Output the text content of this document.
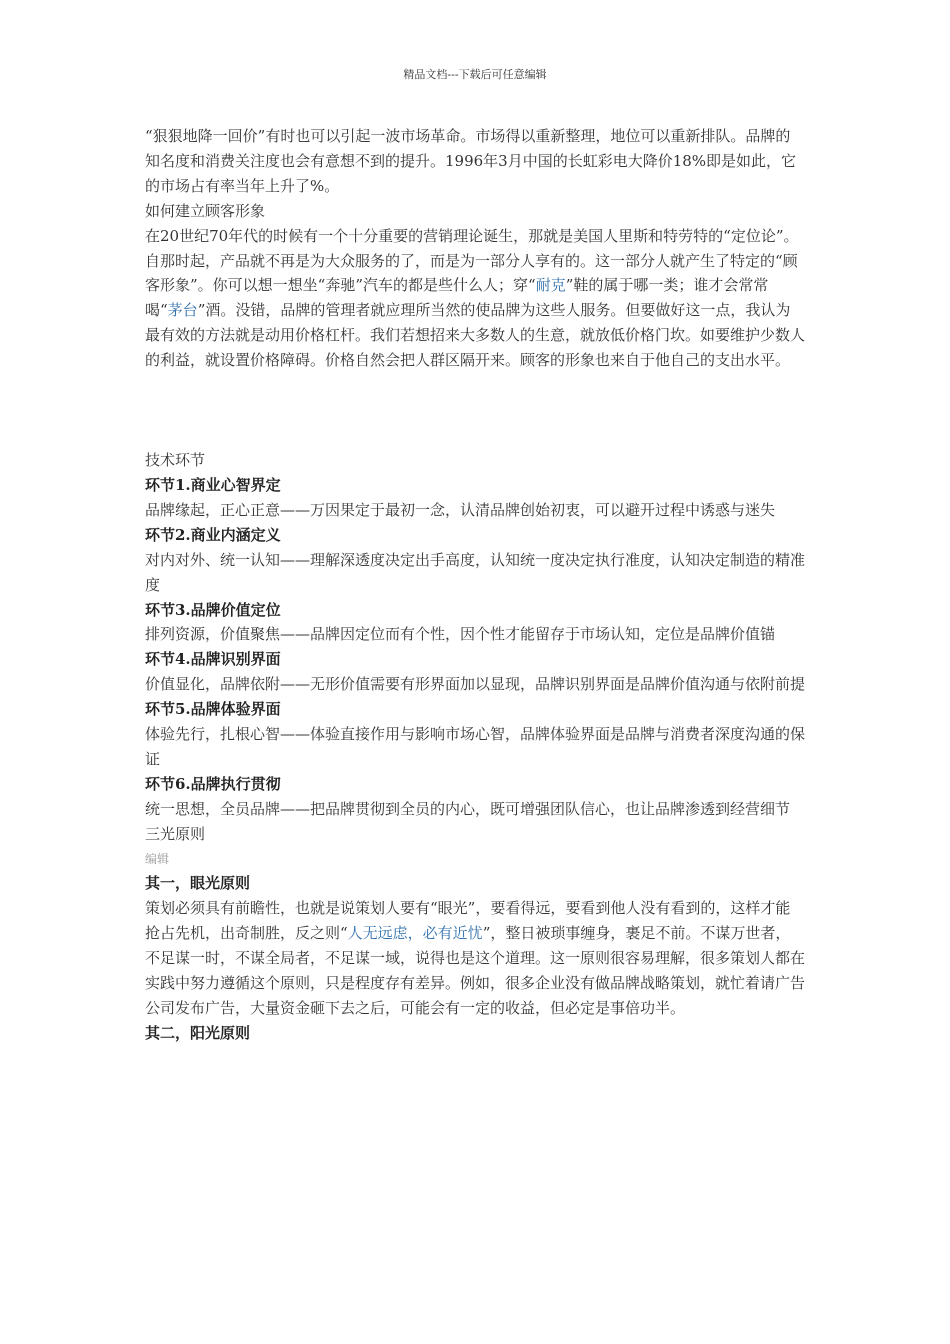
精品文档---下载后可任意编辑

“狠狠地降一回价”有时也可以引起一波市场革命。市场得以重新整理，地位可以重新排队。品牌的知名度和消费关注度也会有意想不到的提升。1996年3月中国的长虹彩电大降价18%即是如此，它的市场占有率当年上升了%。

如何建立顾客形象

在20世纪70年代的时候有一个十分重要的营销理论诞生，那就是美国人里斯和特劳特的“定位论”。自那时起，产品就不再是为大众服务的了，而是为一部分人享有的。这一部分人就产生了特定的“顾客形象”。你可以想一想坐“奔驰”汽车的都是些什么人；穿“耐克”鞋的属于哪一类；谁才会常常喝“茅台”酒。没错，品牌的管理者就应理所当然的使品牌为这些人服务。但要做好这一点，我认为最有效的方法就是动用价格杠杆。我们若想招来大多数人的生意，就放低价格门坎。如要维护少数人的利益，就设置价格障碍。价格自然会把人群区隔开来。顾客的形象也来自于他自己的支出水平。

技术环节

环节1.商业心智界定

品牌缘起，正心正意——万因果定于最初一念，认清品牌创始初衷，可以避开过程中诱惑与迷失

环节2.商业内涵定义

对内对外、统一认知——理解深透度决定出手高度，认知统一度决定执行准度，认知决定制造的精准度

环节3.品牌价值定位

排列资源，价值聚焦——品牌因定位而有个性，因个性才能留存于市场认知，定位是品牌价值锚

环节4.品牌识别界面

价值显化，品牌依附——无形价值需要有形界面加以显现，品牌识别界面是品牌价值沟通与依附前提

环节5.品牌体验界面

体验先行，扎根心智——体验直接作用与影响市场心智，品牌体验界面是品牌与消费者深度沟通的保证

环节6.品牌执行贯彻

统一思想，全员品牌——把品牌贯彻到全员的内心，既可增强团队信心，也让品牌渗透到经营细节

三光原则

编辑

其一，眼光原则

策划必须具有前瞻性，也就是说策划人要有“眼光”，要看得远，要看到他人没有看到的，这样才能抢占先机，出奇制胜，反之则“人无远虑，必有近忧”，整日被琐事缠身，裹足不前。不谋万世者，不足谋一时，不谋全局者，不足谋一域，说得也是这个道理。这一原则很容易理解，很多策划人都在实践中努力遵循这个原则，只是程度存有差异。例如，很多企业没有做品牌战略策划，就忙着请广告公司发布广告，大量资金砸下去之后，可能会有一定的收益，但必定是事倍功半。

其二，阳光原则
